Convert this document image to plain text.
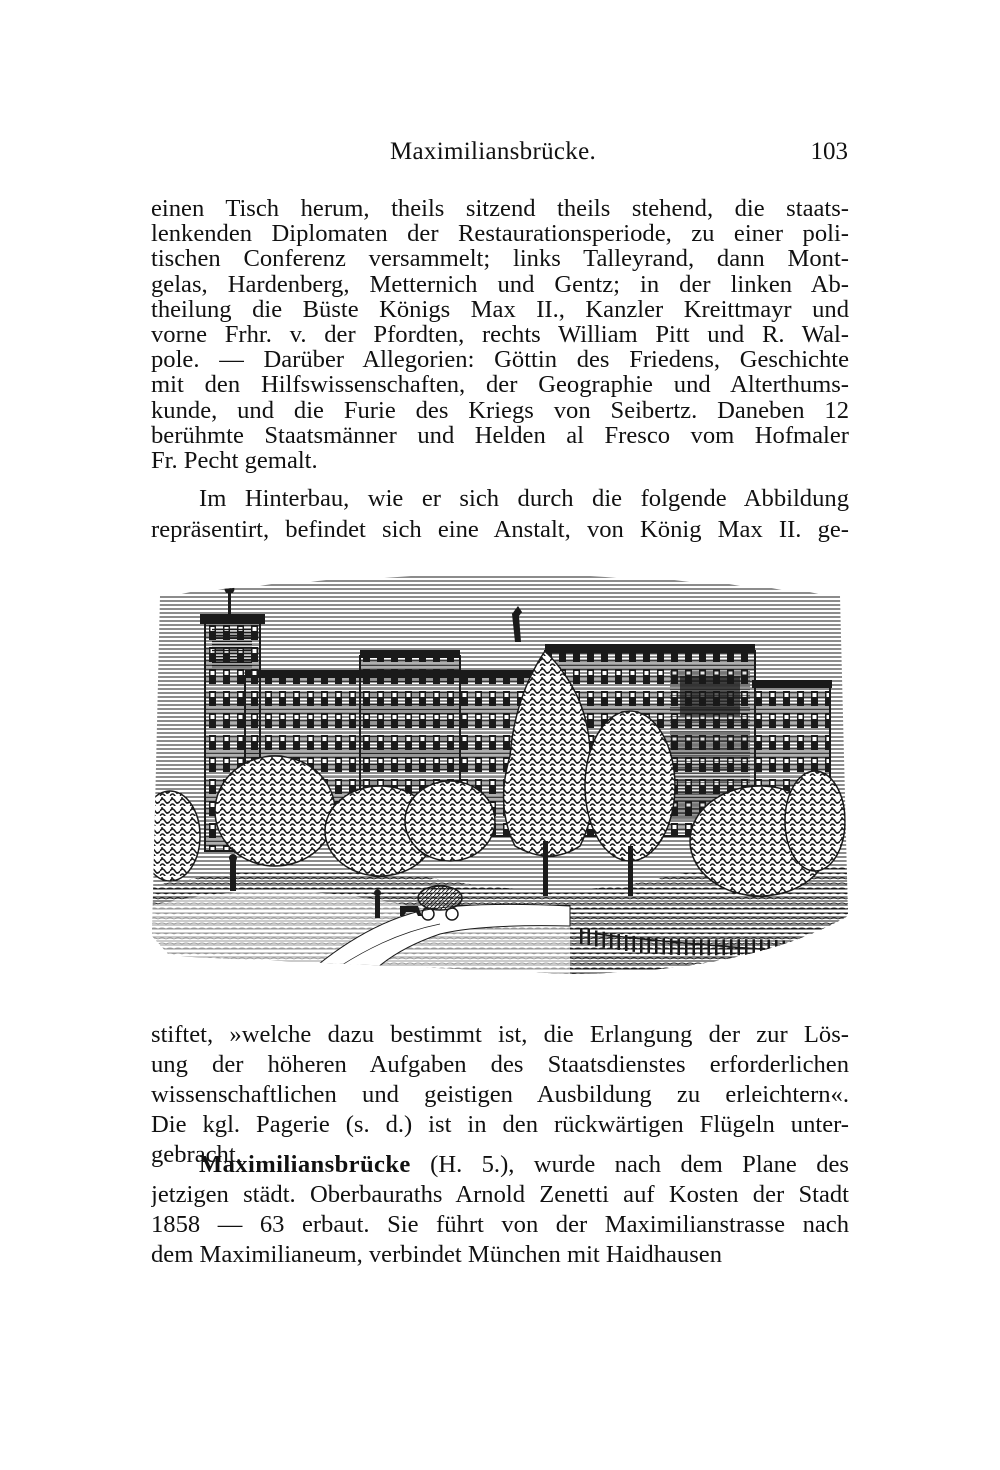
Maximiliansbrücke.	103
einen Tisch herum, theils sitzend theils stehend, die staats-
lenkenden Diplomaten der Restaurationsperiode, zu einer poli-
tischen Conferenz versammelt; links Talleyrand, dann Mont-
gelas, Hardenberg, Metternich und Gentz; in der linken Ab-
theilung die Büste Königs Max II., Kanzler Kreittmayr und
vorne Frhr. v. der Pfordten, rechts William Pitt und R. Wal-
pole. — Darüber Allegorien: Göttin des Friedens, Geschichte
mit den Hilfswissenschaften, der Geographie und Alterthums-
kunde, und die Furie des Kriegs von Seibertz. Daneben 12
berühmte Staatsmänner und Helden al Fresco vom Hofmaler
Fr. Pecht gemalt.
Im Hinterbau, wie er sich durch die folgende Abbildung
repräsentirt, befindet sich eine Anstalt, von König Max II. ge-
stiftet, »welche dazu bestimmt ist, die Erlangung der zur Lös-
ung der höheren Aufgaben des Staatsdienstes erforderlichen
wissenschaftlichen und geistigen Ausbildung zu erleichtern«.
Die kgl. Pagerie (s. d.) ist in den rückwärtigen Flügeln unter-
gebracht.
Maximiliansbrücke (H. 5.), wurde nach dem Plane des
jetzigen städt. Oberbauraths Arnold Zenetti auf Kosten der Stadt
1858 — 63 erbaut. Sie führt von der Maximilianstrasse nach
dem Maximilianeum, verbindet München mit Haidhausen
